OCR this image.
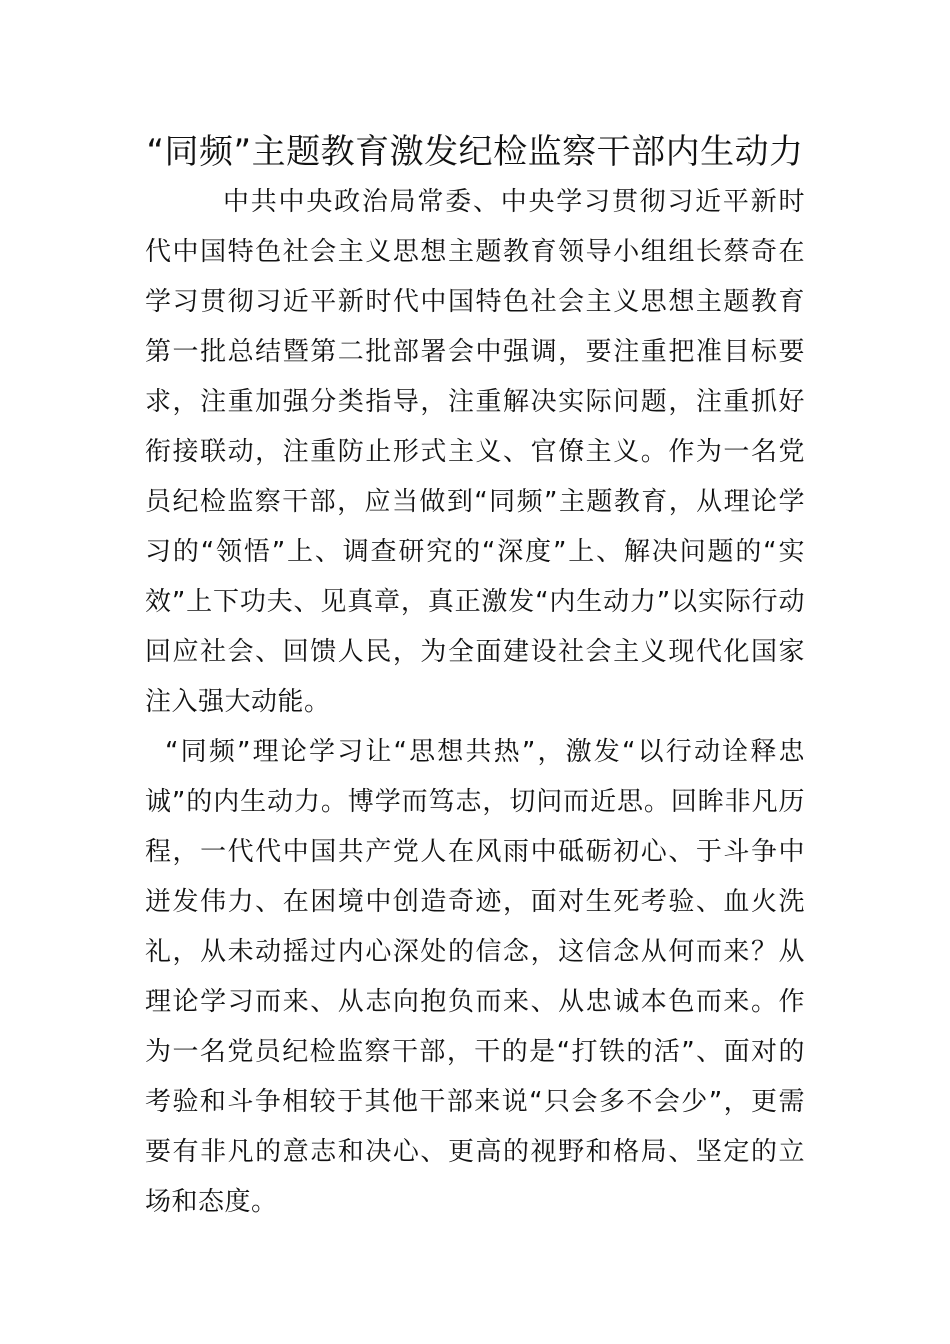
“同频”主题教育激发纪检监察干部内生动力

中共中央政治局常委、中央学习贯彻习近平新时代中国特色社会主义思想主题教育领导小组组长蔡奇在学习贯彻习近平新时代中国特色社会主义思想主题教育第一批总结暨第二批部署会中强调，要注重把准目标要求，注重加强分类指导，注重解决实际问题，注重抓好衔接联动，注重防止形式主义、官僚主义。作为一名党员纪检监察干部，应当做到“同频”主题教育，从理论学习的“领悟”上、调查研究的“深度”上、解决问题的“实效”上下功夫、见真章，真正激发“内生动力”以实际行动回应社会、回馈人民，为全面建设社会主义现代化国家注入强大动能。

“同频”理论学习让“思想共热”，激发“以行动诠释忠诚”的内生动力。博学而笃志，切问而近思。回眸非凡历程，一代代中国共产党人在风雨中砥砺初心、于斗争中迸发伟力、在困境中创造奇迹，面对生死考验、血火洗礼，从未动摇过内心深处的信念，这信念从何而来？从理论学习而来、从志向抱负而来、从忠诚本色而来。作为一名党员纪检监察干部，干的是“打铁的活”、面对的考验和斗争相较于其他干部来说“只会多不会少”，更需要有非凡的意志和决心、更高的视野和格局、坚定的立场和态度。
